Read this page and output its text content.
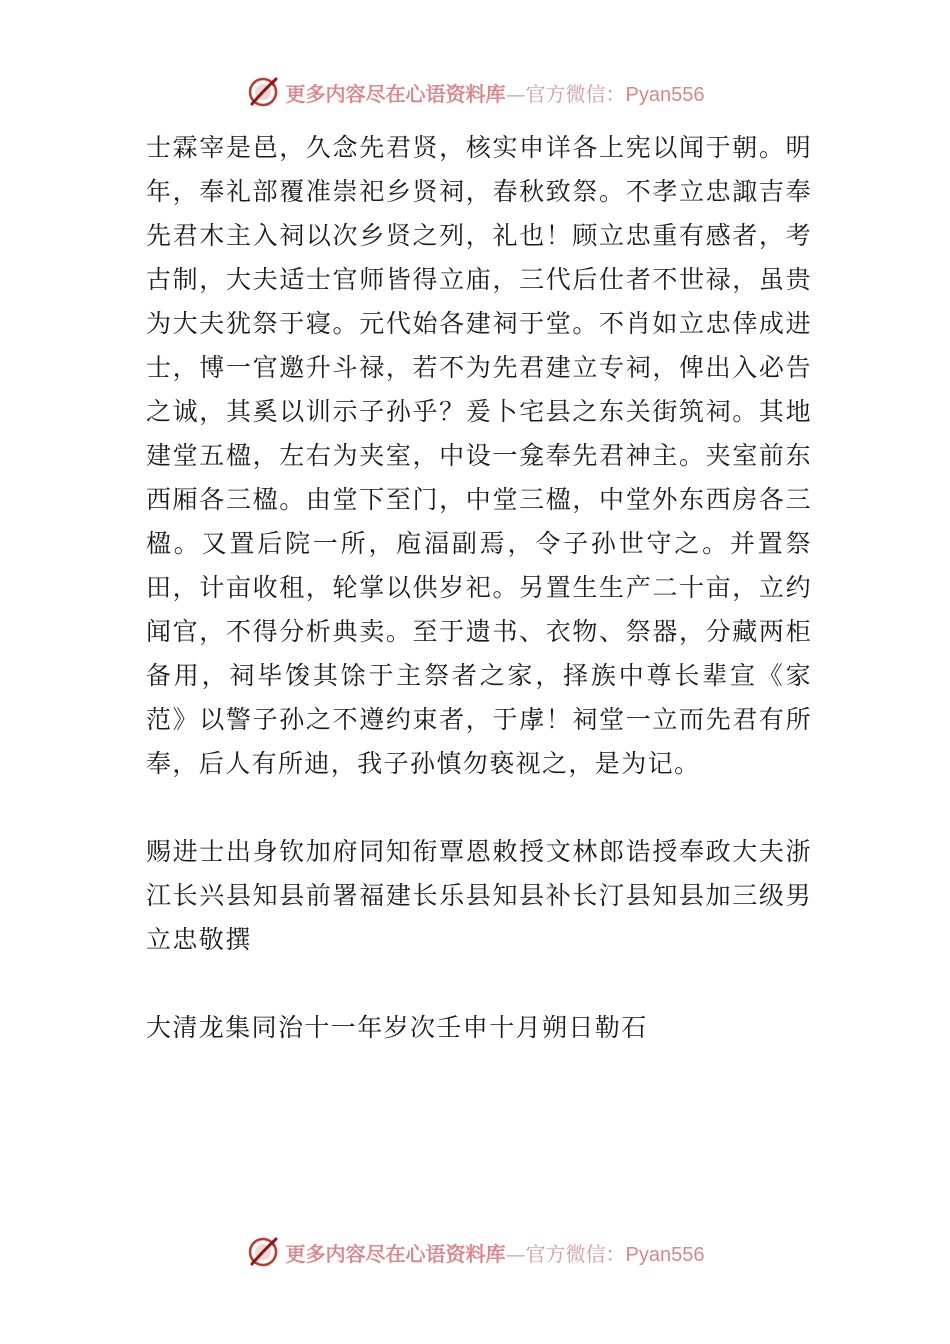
更多内容尽在心语资料库—官方微信：Pyan556

士霖宰是邑，久念先君贤，核实申详各上宪以闻于朝。明年，奉礼部覆准崇祀乡贤祠，春秋致祭。不孝立忠諏吉奉先君木主入祠以次乡贤之列，礼也！顾立忠重有感者，考古制，大夫适士官师皆得立庙，三代后仕者不世禄，虽贵为大夫犹祭于寝。元代始各建祠于堂。不肖如立忠倖成进士，博一官邀升斗禄，若不为先君建立专祠，俾出入必告之诚，其奚以训示子孙乎？爰卜宅县之东关街筑祠。其地建堂五楹，左右为夹室，中设一龛奉先君神主。夹室前东西厢各三楹。由堂下至门，中堂三楹，中堂外东西房各三楹。又置后院一所，庖湢副焉，令子孙世守之。并置祭田，计亩收租，轮掌以供岁祀。另置生生产二十亩，立约闻官，不得分析典卖。至于遗书、衣物、祭器，分藏两柜备用，祠毕馂其馀于主祭者之家，择族中尊长辈宣《家范》以警子孙之不遵约束者，于虖！祠堂一立而先君有所奉，后人有所迪，我子孙慎勿亵视之，是为记。

赐进士出身钦加府同知衔覃恩敕授文林郎诰授奉政大夫浙江长兴县知县前署福建长乐县知县补长汀县知县加三级男立忠敬撰

大清龙集同治十一年岁次壬申十月朔日勒石

更多内容尽在心语资料库—官方微信：Pyan556
